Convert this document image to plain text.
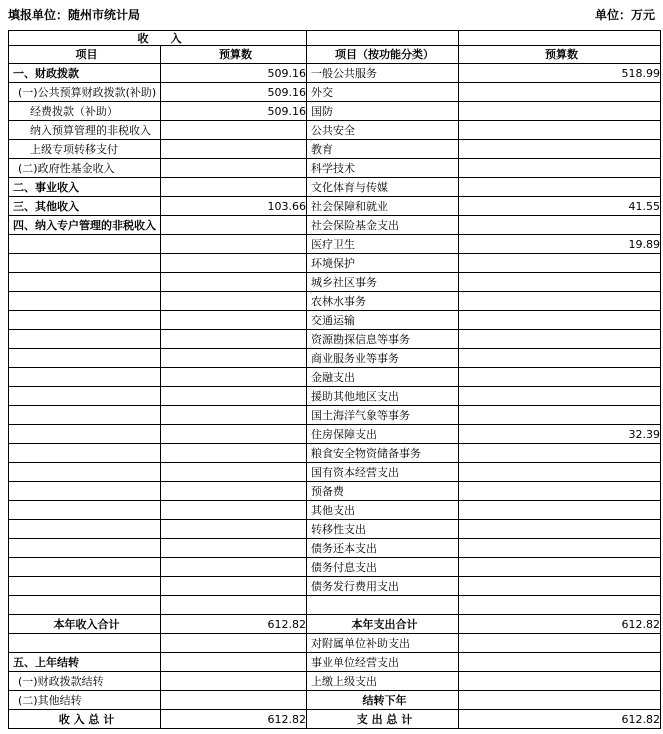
填报单位：随州市统计局	单位：万元
收　　入			
项目	预算数	项目（按功能分类）	预算数
一、财政拨款	509.16	一般公共服务	518.99
(一)公共预算财政拨款(补助)	509.16	外交	
经费拨款（补助）	509.16	国防	
纳入预算管理的非税收入		公共安全	
上级专项转移支付		教育	
(二)政府性基金收入		科学技术	
二、事业收入		文化体育与传媒	
三、其他收入	103.66	社会保障和就业	41.55
四、纳入专户管理的非税收入		社会保险基金支出	
		医疗卫生	19.89
		环境保护	
		城乡社区事务	
		农林水事务	
		交通运输	
		资源勘探信息等事务	
		商业服务业等事务	
		金融支出	
		援助其他地区支出	
		国土海洋气象等事务	
		住房保障支出	32.39
		粮食安全物资储备事务	
		国有资本经营支出	
		预备费	
		其他支出	
		转移性支出	
		债务还本支出	
		债务付息支出	
		债务发行费用支出	

本年收入合计	612.82	本年支出合计	612.82
		对附属单位补助支出	
五、上年结转		事业单位经营支出	
(一)财政拨款结转		上缴上级支出	
(二)其他结转		结转下年	
收 入 总 计	612.82	支 出 总 计	612.82
